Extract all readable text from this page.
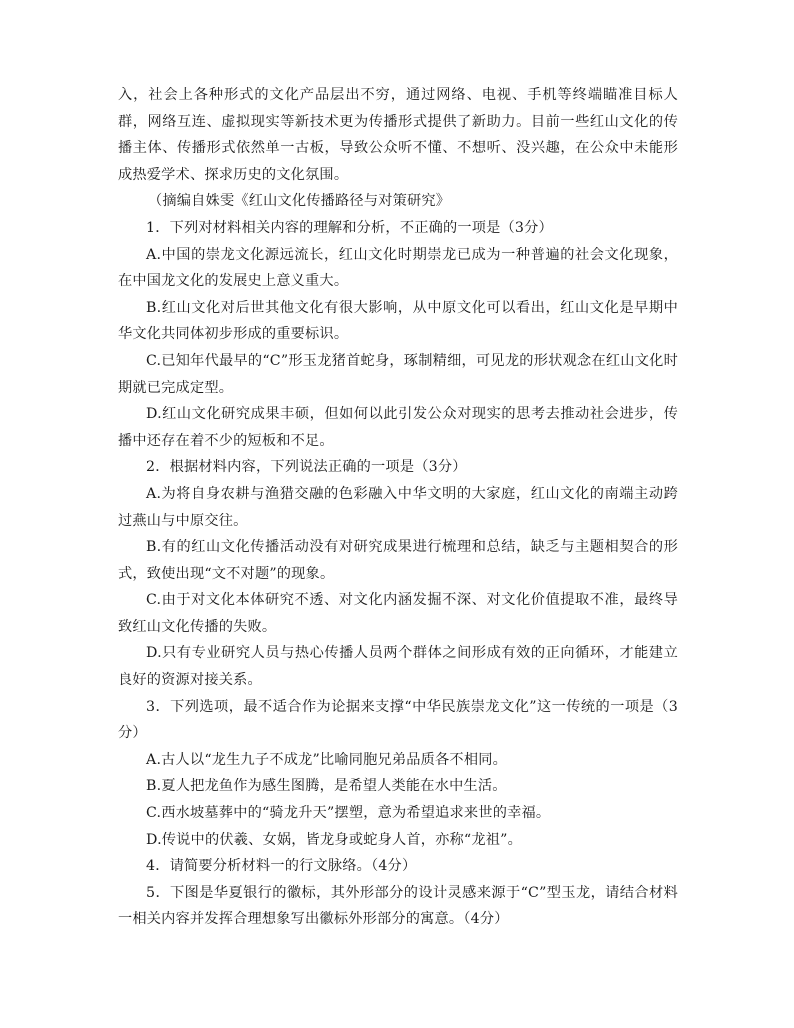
入，社会上各种形式的文化产品层出不穷，通过网络、电视、手机等终端瞄准目标人群，网络互连、虚拟现实等新技术更为传播形式提供了新助力。目前一些红山文化的传播主体、传播形式依然单一古板，导致公众听不懂、不想听、没兴趣，在公众中未能形成热爱学术、探求历史的文化氛围。

（摘编自姝雯《红山文化传播路径与对策研究》

1．下列对材料相关内容的理解和分析，不正确的一项是（3分）

A.中国的崇龙文化源远流长，红山文化时期崇龙已成为一种普遍的社会文化现象，在中国龙文化的发展史上意义重大。

B.红山文化对后世其他文化有很大影响，从中原文化可以看出，红山文化是早期中华文化共同体初步形成的重要标识。

C.已知年代最早的“C”形玉龙猪首蛇身，琢制精细，可见龙的形状观念在红山文化时期就已完成定型。

D.红山文化研究成果丰硕，但如何以此引发公众对现实的思考去推动社会进步，传播中还存在着不少的短板和不足。

2．根据材料内容，下列说法正确的一项是（3分）

A.为将自身农耕与渔猎交融的色彩融入中华文明的大家庭，红山文化的南端主动跨过燕山与中原交往。

B.有的红山文化传播活动没有对研究成果进行梳理和总结，缺乏与主题相契合的形式，致使出现“文不对题”的现象。

C.由于对文化本体研究不透、对文化内涵发掘不深、对文化价值提取不准，最终导致红山文化传播的失败。

D.只有专业研究人员与热心传播人员两个群体之间形成有效的正向循环，才能建立良好的资源对接关系。

3．下列选项，最不适合作为论据来支撑“中华民族崇龙文化”这一传统的一项是（3分）

A.古人以“龙生九子不成龙”比喻同胞兄弟品质各不相同。

B.夏人把龙鱼作为感生图腾，是希望人类能在水中生活。

C.西水坡墓葬中的“骑龙升天”摆塑，意为希望追求来世的幸福。

D.传说中的伏羲、女娲，皆龙身或蛇身人首，亦称“龙祖”。

4．请简要分析材料一的行文脉络。（4分）

5．下图是华夏银行的徽标，其外形部分的设计灵感来源于“C”型玉龙，请结合材料一相关内容并发挥合理想象写出徽标外形部分的寓意。（4分）
